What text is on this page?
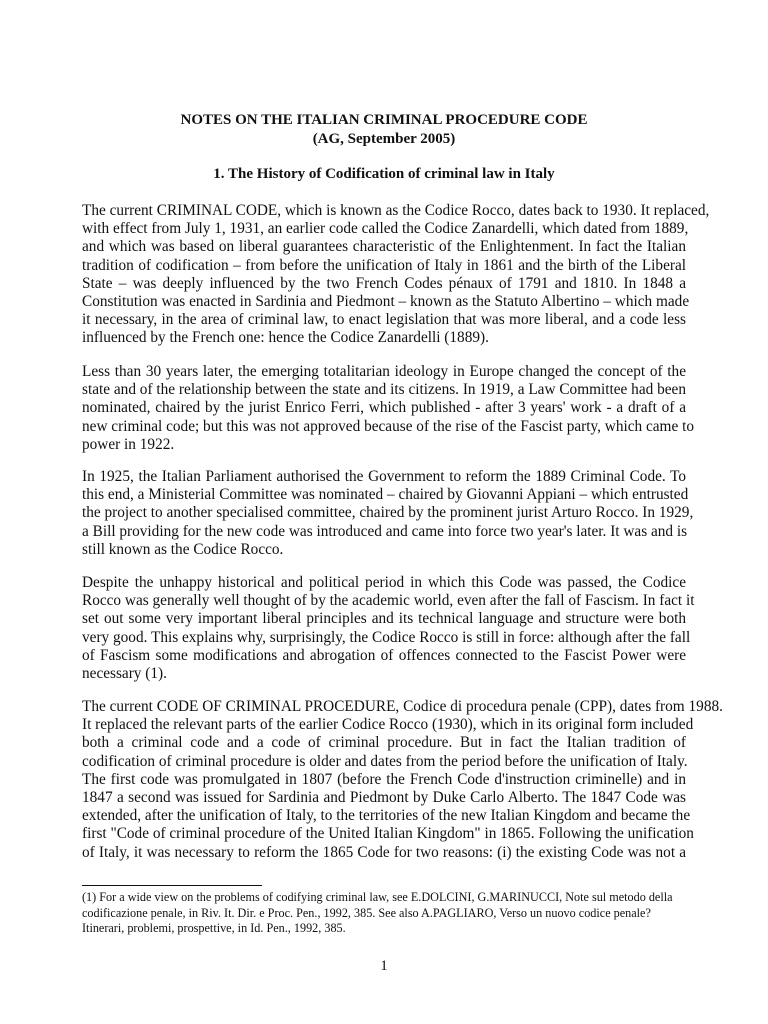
NOTES ON THE ITALIAN CRIMINAL PROCEDURE CODE
(AG, September 2005)
1. The History of Codification of criminal law in Italy
The current CRIMINAL CODE, which is known as the Codice Rocco, dates back to 1930. It replaced,
with effect from July 1, 1931, an earlier code called the Codice Zanardelli, which dated from 1889,
and which was based on liberal guarantees characteristic of the Enlightenment. In fact the Italian
tradition of codification – from before the unification of Italy in 1861 and the birth of the Liberal
State – was deeply influenced by the two French Codes pénaux of 1791 and 1810. In 1848 a
Constitution was enacted in Sardinia and Piedmont – known as the Statuto Albertino – which made
it necessary, in the area of criminal law, to enact legislation that was more liberal, and a code less
influenced by the French one: hence the Codice Zanardelli (1889).
Less than 30 years later, the emerging totalitarian ideology in Europe changed the concept of the
state and of the relationship between the state and its citizens. In 1919, a Law Committee had been
nominated, chaired by the jurist Enrico Ferri, which published - after 3 years' work - a draft of a
new criminal code; but this was not approved because of the rise of the Fascist party, which came to
power in 1922.
In 1925, the Italian Parliament authorised the Government to reform the 1889 Criminal Code. To
this end, a Ministerial Committee was nominated – chaired by Giovanni Appiani – which entrusted
the project to another specialised committee, chaired by the prominent jurist Arturo Rocco. In 1929,
a Bill providing for the new code was introduced and came into force two year's later. It was and is
still known as the Codice Rocco.
Despite the unhappy historical and political period in which this Code was passed, the Codice
Rocco was generally well thought of by the academic world, even after the fall of Fascism. In fact it
set out some very important liberal principles and its technical language and structure were both
very good. This explains why, surprisingly, the Codice Rocco is still in force: although after the fall
of Fascism some modifications and abrogation of offences connected to the Fascist Power were
necessary (1).
The current CODE OF CRIMINAL PROCEDURE, Codice di procedura penale (CPP), dates from 1988.
It replaced the relevant parts of the earlier Codice Rocco (1930), which in its original form included
both a criminal code and a code of criminal procedure. But in fact the Italian tradition of
codification of criminal procedure is older and dates from the period before the unification of Italy.
The first code was promulgated in 1807 (before the French Code d'instruction criminelle) and in
1847 a second was issued for Sardinia and Piedmont by Duke Carlo Alberto. The 1847 Code was
extended, after the unification of Italy, to the territories of the new Italian Kingdom and became the
first "Code of criminal procedure of the United Italian Kingdom" in 1865. Following the unification
of Italy, it was necessary to reform the 1865 Code for two reasons: (i) the existing Code was not a
(1) For a wide view on the problems of codifying criminal law, see E.DOLCINI, G.MARINUCCI, Note sul metodo della
codificazione penale, in Riv. It. Dir. e Proc. Pen., 1992, 385. See also A.PAGLIARO, Verso un nuovo codice penale?
Itinerari, problemi, prospettive, in Id. Pen., 1992, 385.
1
